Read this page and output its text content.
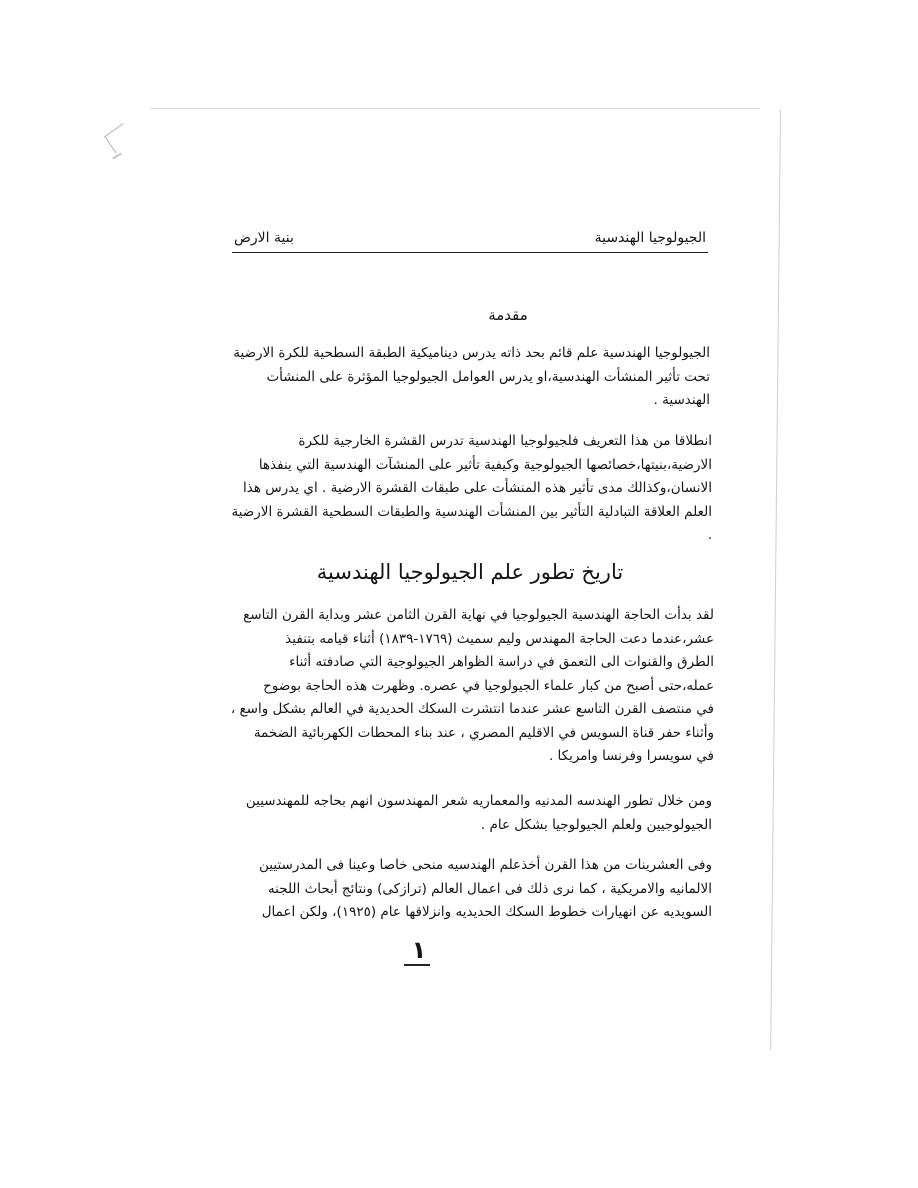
بنية الارض	الجيولوجيا الهندسية
مقدمة
الجيولوجيا الهندسية علم قائم بحد ذاته يدرس ديناميكية الطبقة السطحية للكرة الارضية
تحت تأثير المنشأت الهندسية،او يدرس العوامل الجيولوجيا المؤثرة على المنشأت
الهندسية .
انطلاقا من هذا التعريف فلجيولوجيا الهندسية تدرس القشرة الخارجية للكرة
الارضية،بنيتها،خصائصها الجيولوجية وكيفية تأثير على المنشآت الهندسية التي ينفذها
الانسان،وكذالك مدى تأثير هذه المنشأت على طبقات القشرة الارضية . اي يدرس هذا
العلم العلاقة التبادلية التأثير بين المنشأت الهندسية والطبقات السطحية القشرة الارضية
.
تاريخ تطور علم الجيولوجيا الهندسية
لقد بدأت الحاجة الهندسية الجيولوجيا في نهاية القرن الثامن عشر وبداية القرن التاسع
عشر،عندما دعت الحاجة المهندس وليم سميث (١٧٦٩-١٨٣٩) أثناء قيامه بتنفيذ
الطرق والقنوات الى التعمق في دراسة الظواهر الجيولوجية التي صادفته أثناء
عمله،حتى أصبح من كبار علماء الجيولوجيا في عصره. وظهرت هذه الحاجة بوضوح
في منتصف القرن التاسع عشر عندما انتشرت السكك الحديدية في العالم بشكل واسع ،
وأثناء حفر قناة السويس في الاقليم المصري ، عند بناء المحطات الكهربائية الضخمة
في سويسرا وفرنسا وامريكا .
ومن خلال تطور الهندسه المدنيه والمعماريه شعر المهندسون انهم بحاجه للمهندسيين
الجيولوجيين ولعلم الجيولوجيا بشكل عام .
وفى العشرينات من هذا القرن أخذعلم الهندسيه منحى خاصا وعينا فى المدرستيين
الالمانيه والامريكية ، كما نرى ذلك فى اعمال العالم (ترازكى) ونتائج أبحاث اللجنه
السويديه عن انهيارات خطوط السكك الحديديه وانزلاقها عام (١٩٢٥)، ولكن اعمال
١
